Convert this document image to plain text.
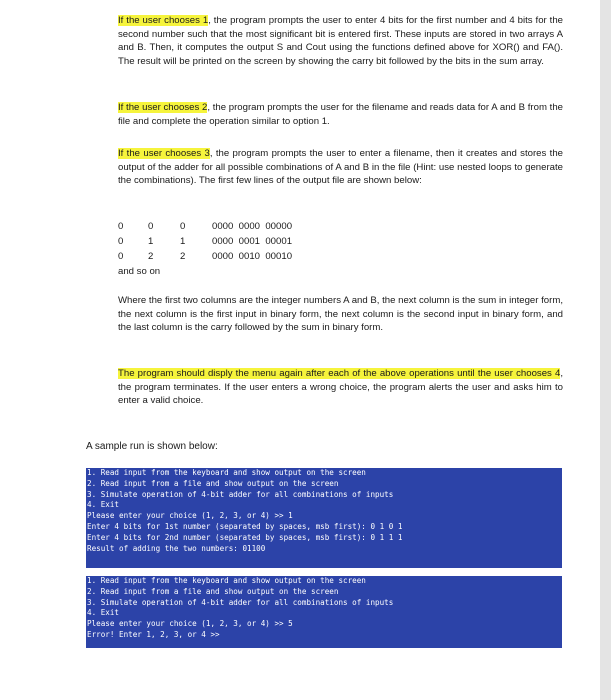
If the user chooses 1, the program prompts the user to enter 4 bits for the first number and 4 bits for the second number such that the most significant bit is entered first. These inputs are stored in two arrays A and B. Then, it computes the output S and Cout using the functions defined above for XOR() and FA(). The result will be printed on the screen by showing the carry bit followed by the bits in the sum array.

If the user chooses 2, the program prompts the user for the filename and reads data for A and B from the file and complete the operation similar to option 1.

If the user chooses 3, the program prompts the user to enter a filename, then it creates and stores the output of the adder for all possible combinations of A and B in the file (Hint: use nested loops to generate the combinations). The first few lines of the output file are shown below:

0	0	0	0000  0000  00000
0	1	1	0000  0001  00001
0	2	2	0000  0010  00010
and so on

Where the first two columns are the integer numbers A and B, the next column is the sum in integer form, the next column is the first input in binary form, the next column is the second input in binary form, and the last column is the carry followed by the sum in binary form.

The program should disply the menu again after each of the above operations until the user chooses 4, the program terminates. If the user enters a wrong choice, the program alerts the user and asks him to enter a valid choice.

A sample run is shown below:
1. Read input from the keyboard and show output on the screen
2. Read input from a file and show output on the screen
3. Simulate operation of 4-bit adder for all combinations of inputs
4. Exit
Please enter your choice (1, 2, 3, or 4) >> 1
Enter 4 bits for 1st number (separated by spaces, msb first): 0 1 0 1
Enter 4 bits for 2nd number (separated by spaces, msb first): 0 1 1 1
Result of adding the two numbers: 01100
1. Read input from the keyboard and show output on the screen
2. Read input from a file and show output on the screen
3. Simulate operation of 4-bit adder for all combinations of inputs
4. Exit
Please enter your choice (1, 2, 3, or 4) >> 5
Error! Enter 1, 2, 3, or 4 >>
